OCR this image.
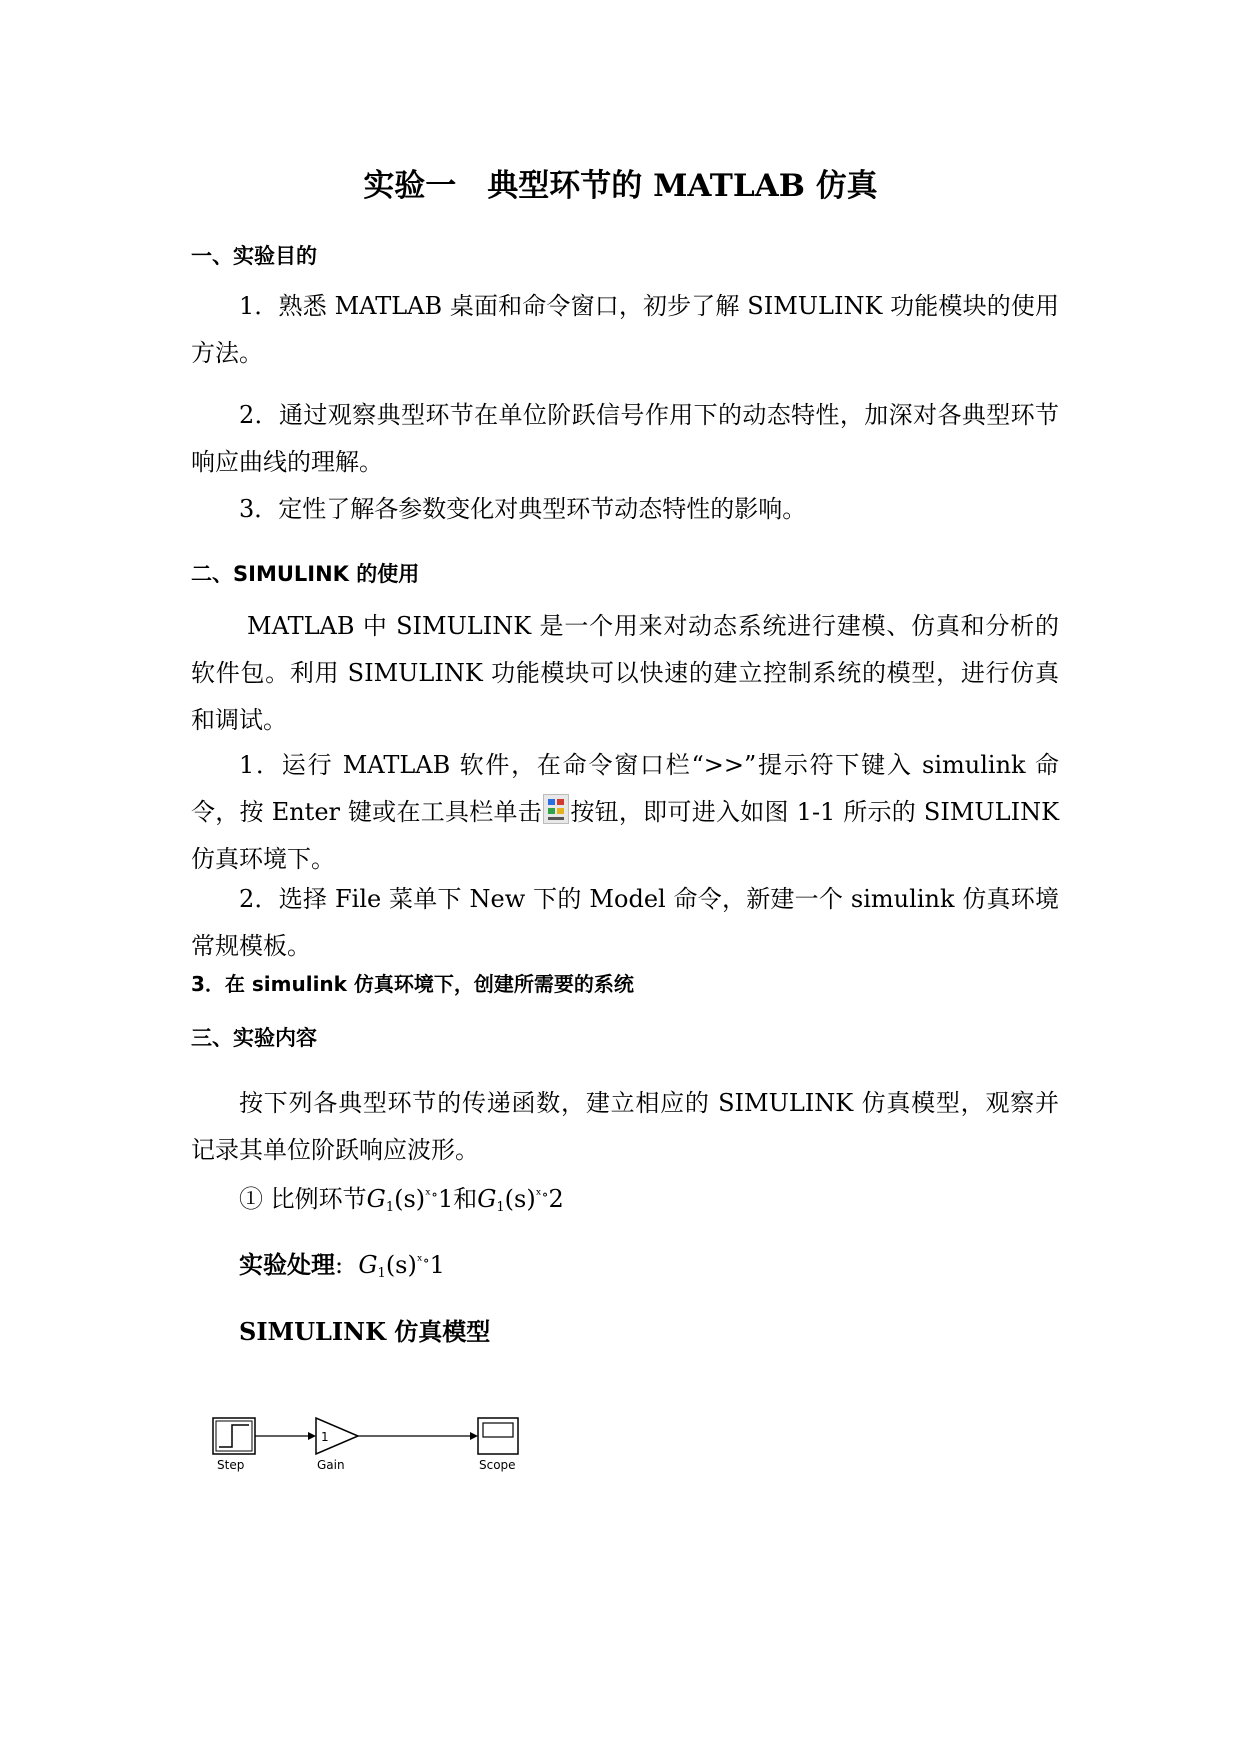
实验一　典型环节的 MATLAB 仿真
一、实验目的

1．熟悉 MATLAB 桌面和命令窗口，初步了解 SIMULINK 功能模块的使用方法。

2．通过观察典型环节在单位阶跃信号作用下的动态特性，加深对各典型环节响应曲线的理解。

3．定性了解各参数变化对典型环节动态特性的影响。

二、SIMULINK 的使用

MATLAB 中 SIMULINK 是一个用来对动态系统进行建模、仿真和分析的软件包。利用 SIMULINK 功能模块可以快速的建立控制系统的模型，进行仿真和调试。

1．运行 MATLAB 软件，在命令窗口栏“>>”提示符下键入 simulink 命令，按 Enter 键或在工具栏单击 按钮，即可进入如图 1-1 所示的 SIMULINK 仿真环境下。

2．选择 File 菜单下 New 下的 Model 命令，新建一个 simulink 仿真环境常规模板。

3．在 simulink 仿真环境下，创建所需要的系统

三、实验内容

按下列各典型环节的传递函数，建立相应的 SIMULINK 仿真模型，观察并记录其单位阶跃响应波形。

① 比例环节$G_1(s)^{ˣ\circ}1$和$G_1(s)^{ˣ\circ}2$

实验处理: $G_1(s)^{ˣ\circ}1$

SIMULINK 仿真模型

Step
1
Gain	Scope
